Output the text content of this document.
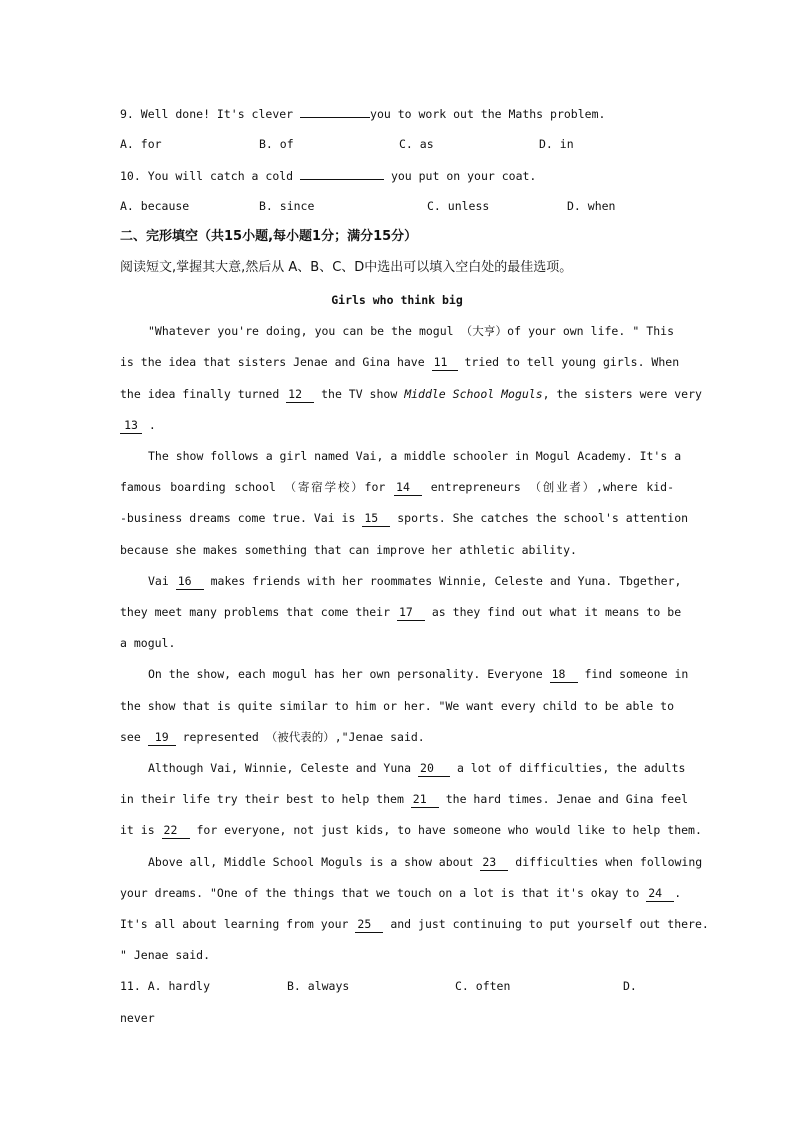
9. Well done! It's clever	you to work out the Maths problem.
A. for	B. of	C. as	D. in
10. You will catch a cold	you put on your coat.
A. because	B. since	C. unless	D. when
二、完形填空（共15小题,每小题1分；满分15分）
阅读短文,掌握其大意,然后从 A、B、C、D中选出可以填入空白处的最佳选项。
Girls who think big
"Whatever you're doing, you can be the mogul （大亨）of your own life. " This
is the idea that sisters Jenae and Gina have 11 tried to tell young girls. When
the idea finally turned 12 the TV show Middle School Moguls, the sisters were very
13 .
The show follows a girl named Vai, a middle schooler in Mogul Academy. It's a
famous boarding school （寄宿学校）for 14 entrepreneurs （创业者）,where kid-
-business dreams come true. Vai is 15 sports. She catches the school's attention
because she makes something that can improve her athletic ability.
Vai 16 makes friends with her roommates Winnie, Celeste and Yuna. Tbgether,
they meet many problems that come their 17 as they find out what it means to be
a mogul.
On the show, each mogul has her own personality. Everyone 18 find someone in
the show that is quite similar to him or her. "We want every child to be able to
see 19 represented （被代表的）,"Jenae said.
Although Vai, Winnie, Celeste and Yuna 20 a lot of difficulties, the adults
in their life try their best to help them 21 the hard times. Jenae and Gina feel
it is 22 for everyone, not just kids, to have someone who would like to help them.
Above all, Middle School Moguls is a show about 23 difficulties when following
your dreams. "One of the things that we touch on a lot is that it's okay to 24 .
It's all about learning from your 25 and just continuing to put yourself out there.
" Jenae said.
11. A. hardly	B. always	C. often	D.
never
